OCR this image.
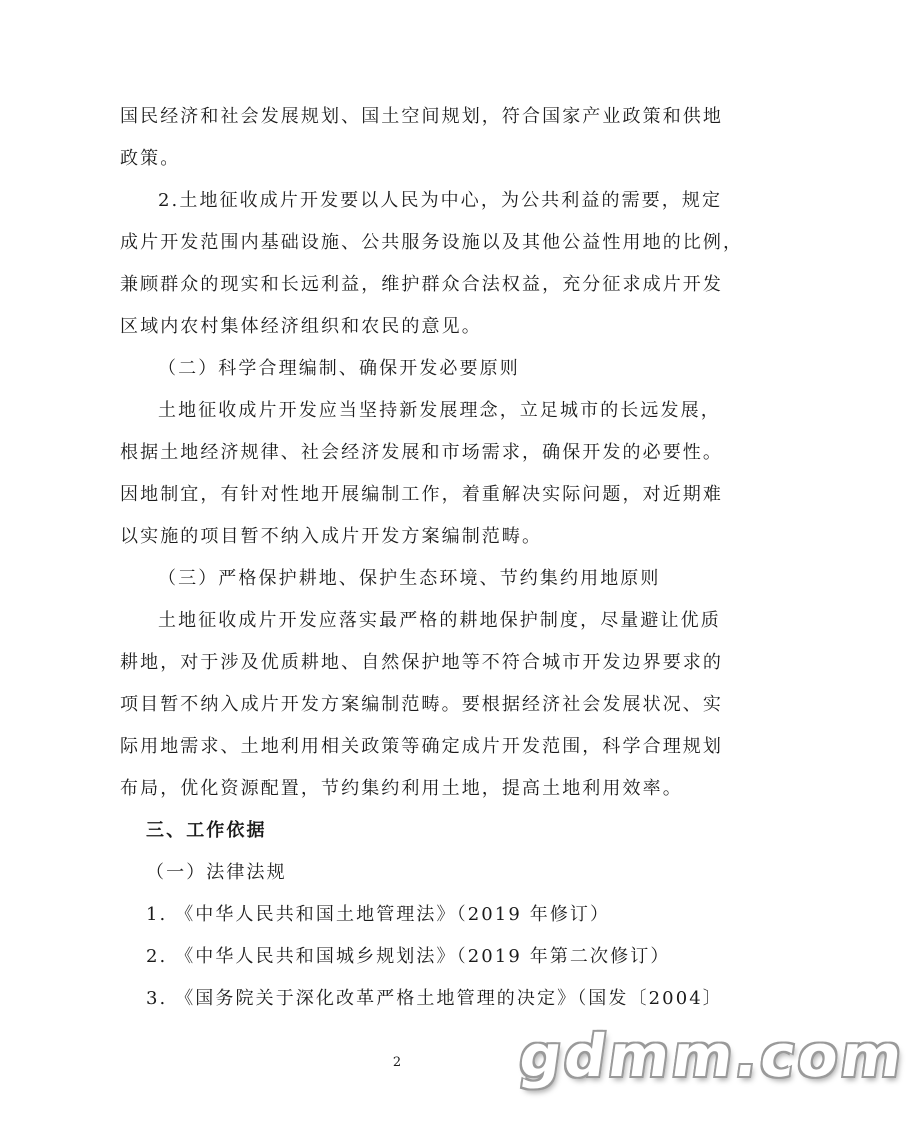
国民经济和社会发展规划、国土空间规划，符合国家产业政策和供地
政策。
2.土地征收成片开发要以人民为中心，为公共利益的需要，规定
成片开发范围内基础设施、公共服务设施以及其他公益性用地的比例，
兼顾群众的现实和长远利益，维护群众合法权益，充分征求成片开发
区域内农村集体经济组织和农民的意见。
（二）科学合理编制、确保开发必要原则
土地征收成片开发应当坚持新发展理念，立足城市的长远发展，
根据土地经济规律、社会经济发展和市场需求，确保开发的必要性。
因地制宜，有针对性地开展编制工作，着重解决实际问题，对近期难
以实施的项目暂不纳入成片开发方案编制范畴。
（三）严格保护耕地、保护生态环境、节约集约用地原则
土地征收成片开发应落实最严格的耕地保护制度，尽量避让优质
耕地，对于涉及优质耕地、自然保护地等不符合城市开发边界要求的
项目暂不纳入成片开发方案编制范畴。要根据经济社会发展状况、实
际用地需求、土地利用相关政策等确定成片开发范围，科学合理规划
布局，优化资源配置，节约集约利用土地，提高土地利用效率。
三、工作依据
（一）法律法规
1. 《中华人民共和国土地管理法》（2019 年修订）
2. 《中华人民共和国城乡规划法》（2019 年第二次修订）
3. 《国务院关于深化改革严格土地管理的决定》（国发〔2004〕
2 gdmm.com
